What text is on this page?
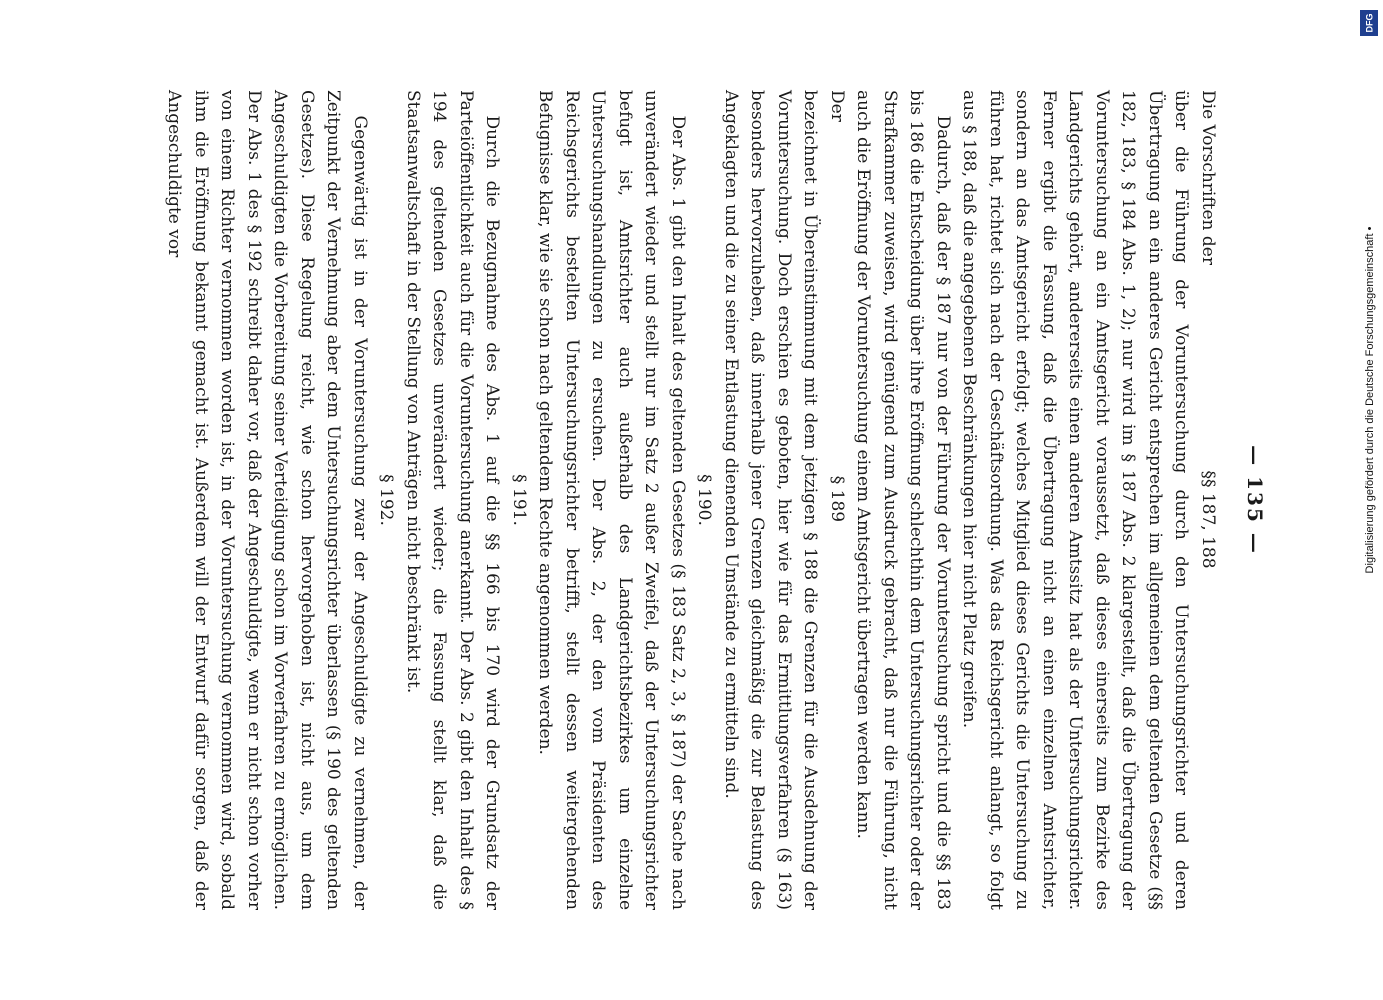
— 135 —

Die Vorschriften der
§§ 187, 188

über die Führung der Voruntersuchung durch den Untersuchungsrichter und deren Übertragung an ein anderes Gericht entsprechen im allgemeinen dem geltenden Gesetze (§§ 182, 183, § 184 Abs. 1, 2); nur wird im § 187 Abs. 2 klargestellt, daß die Übertragung der Voruntersuchung an ein Amtsgericht voraussetzt, daß dieses einerseits zum Bezirke des Landgerichts gehört, andererseits einen anderen Amtssitz hat als der Untersuchungsrichter. Ferner ergibt die Fassung, daß die Übertragung nicht an einen einzelnen Amtsrichter, sondern an das Amtsgericht erfolgt; welches Mitglied dieses Gerichts die Untersuchung zu führen hat, richtet sich nach der Geschäftsordnung. Was das Reichsgericht anlangt, so folgt aus § 188, daß die angegebenen Beschränkungen hier nicht Platz greifen.

Dadurch, daß der § 187 nur von der Führung der Voruntersuchung spricht und die §§ 183 bis 186 die Entscheidung über ihre Eröffnung schlechthin dem Untersuchungsrichter oder der Strafkammer zuweisen, wird genügend zum Ausdruck gebracht, daß nur die Führung, nicht auch die Eröffnung der Voruntersuchung einem Amtsgericht übertragen werden kann.

Der
§ 189

bezeichnet in Übereinstimmung mit dem jetzigen § 188 die Grenzen für die Ausdehnung der Voruntersuchung. Doch erschien es geboten, hier wie für das Ermittlungsverfahren (§ 163) besonders hervorzuheben, daß innerhalb jener Grenzen gleichmäßig die zur Belastung des Angeklagten und die zu seiner Entlastung dienenden Umstände zu ermitteln sind.

§ 190.

Der Abs. 1 gibt den Inhalt des geltenden Gesetzes (§ 183 Satz 2, 3, § 187) der Sache nach unverändert wieder und stellt nur im Satz 2 außer Zweifel, daß der Untersuchungsrichter befugt ist, Amtsrichter auch außerhalb des Landgerichtsbezirkes um einzelne Untersuchungshandlungen zu ersuchen. Der Abs. 2, der den vom Präsidenten des Reichsgerichts bestellten Untersuchungsrichter betrifft, stellt dessen weitergehenden Befugnisse klar, wie sie schon nach geltendem Rechte angenommen werden.

§ 191.

Durch die Bezugnahme des Abs. 1 auf die §§ 166 bis 170 wird der Grundsatz der Parteiöffentlichkeit auch für die Voruntersuchung anerkannt. Der Abs. 2 gibt den Inhalt des § 194 des geltenden Gesetzes unverändert wieder; die Fassung stellt klar, daß die Staatsanwaltschaft in der Stellung von Anträgen nicht beschränkt ist.

§ 192.

Gegenwärtig ist in der Voruntersuchung zwar der Angeschuldigte zu vernehmen, der Zeitpunkt der Vernehmung aber dem Untersuchungsrichter überlassen (§ 190 des geltenden Gesetzes). Diese Regelung reicht, wie schon hervorgehoben ist, nicht aus, um dem Angeschuldigten die Vorbereitung seiner Verteidigung schon im Vorverfahren zu ermöglichen. Der Abs. 1 des § 192 schreibt daher vor, daß der Angeschuldigte, wenn er nicht schon vorher von einem Richter vernommen worden ist, in der Voruntersuchung vernommen wird, sobald ihm die Eröffnung bekannt gemacht ist. Außerdem will der Entwurf dafür sorgen, daß der Angeschuldigte vor

DFG
Digitalisierung gefördert durch die Deutsche Forschungsgemeinschaft •
